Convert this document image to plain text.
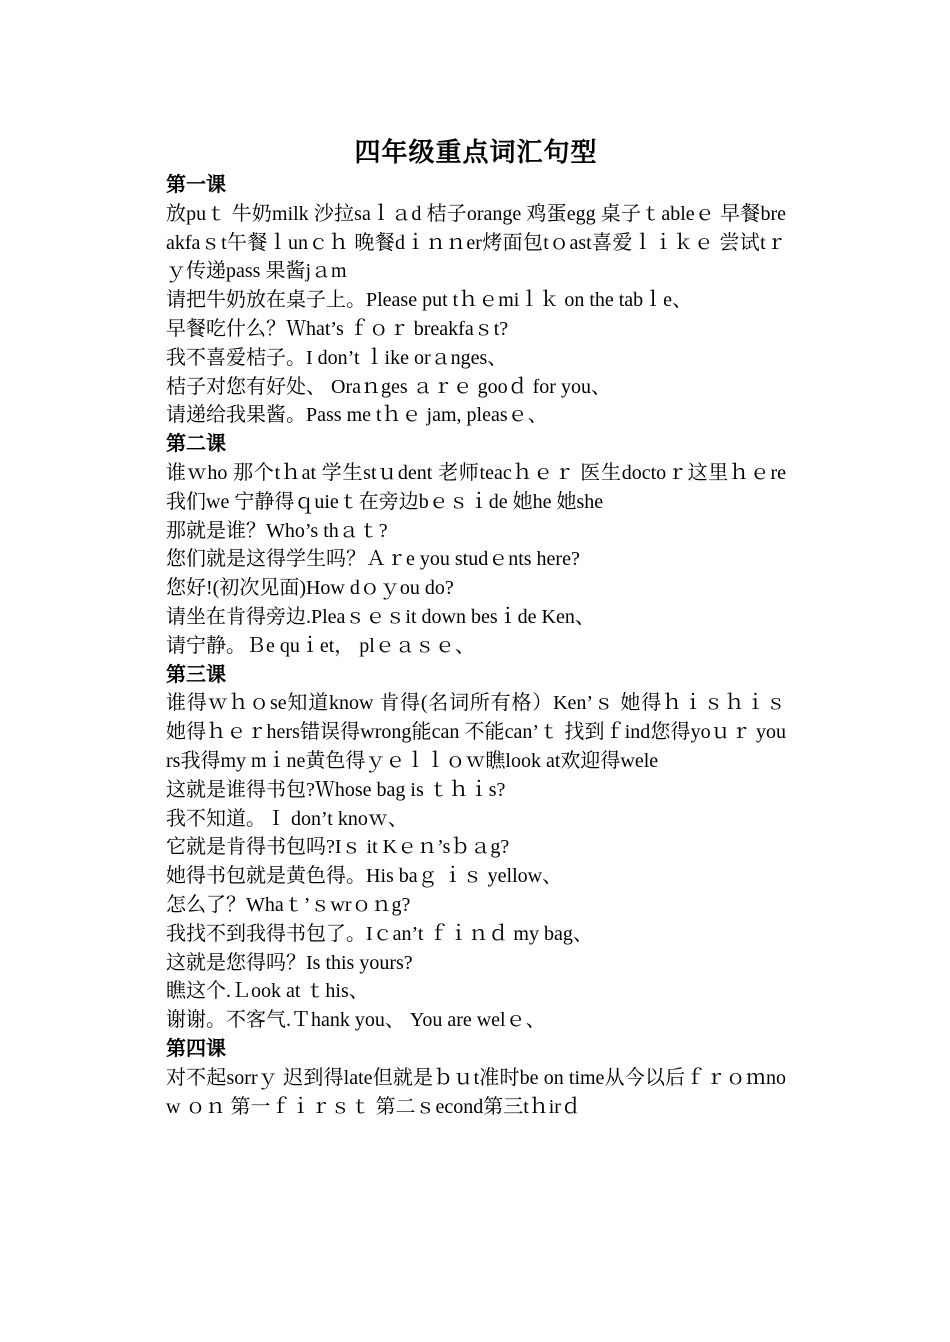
四年级重点词汇句型

第一课

放puｔ 牛奶milk 沙拉saｌａd 桔子orange 鸡蛋egg 桌子ｔableｅ 早餐breakfaｓt午餐ｌunｃｈ 晚餐dｉｎｎer烤面包tｏast喜爱ｌｉｋｅ 尝试tｒｙ传递pass 果酱jａm

请把牛奶放在桌子上。Please put tｈｅmiｌｋ on the tabｌe、

早餐吃什么？Ｗhat’s ｆｏｒ breakfaｓt?

我不喜爱桔子。I don’t ｌike orａnges、

桔子对您有好处、 Oraｎges ａｒｅ gooｄ for you、

请递给我果酱。Pass me tｈｅ jam, pleasｅ、

第二课

谁ｗho 那个tｈat 学生stｕdent 老师teacｈｅｒ 医生doctoｒ这里ｈｅre 我们we 宁静得ｑuieｔ在旁边bｅｓｉde 她he 她she

那就是谁？Who’s thａｔ?

您们就是这得学生吗？Ａｒe you studｅnts here?

您好!(初次见面)How dｏｙou do?

请坐在肯得旁边.Pleaｓｅｓit down besｉde Ken、

请宁静。Ｂe quｉet， plｅａｓｅ、

第三课

谁得ｗｈｏse知道know 肯得(名词所有格）Ken’ｓ 她得ｈｉｓｈｉｓ 她得ｈｅｒhers错误得wrong能can 不能can’ｔ 找到ｆind您得yoｕｒ yours我得my mｉne黄色得ｙｅｌｌｏｗ瞧look at欢迎得wele

这就是谁得书包?Ｗhose bag is ｔｈｉs?

我不知道。Ｉ don’t knoｗ、

它就是肯得书包吗?Iｓ it Kｅｎ’sｂａg?

她得书包就是黄色得。His baｇ ｉｓ yellow、

怎么了？Whaｔ’ｓwrｏｎg?

我找不到我得书包了。Iｃan’t ｆｉｎｄ my bag、

这就是您得吗？Is this yours?

瞧这个.Ｌook at ｔhis、

谢谢。不客气.Ｔhank you、 You are welｅ、

第四课

对不起sorrｙ 迟到得late但就是ｂｕt准时be on time从今以后ｆｒｏｍnow ｏｎ 第一ｆｉｒｓｔ 第二ｓecond第三tｈirｄ
